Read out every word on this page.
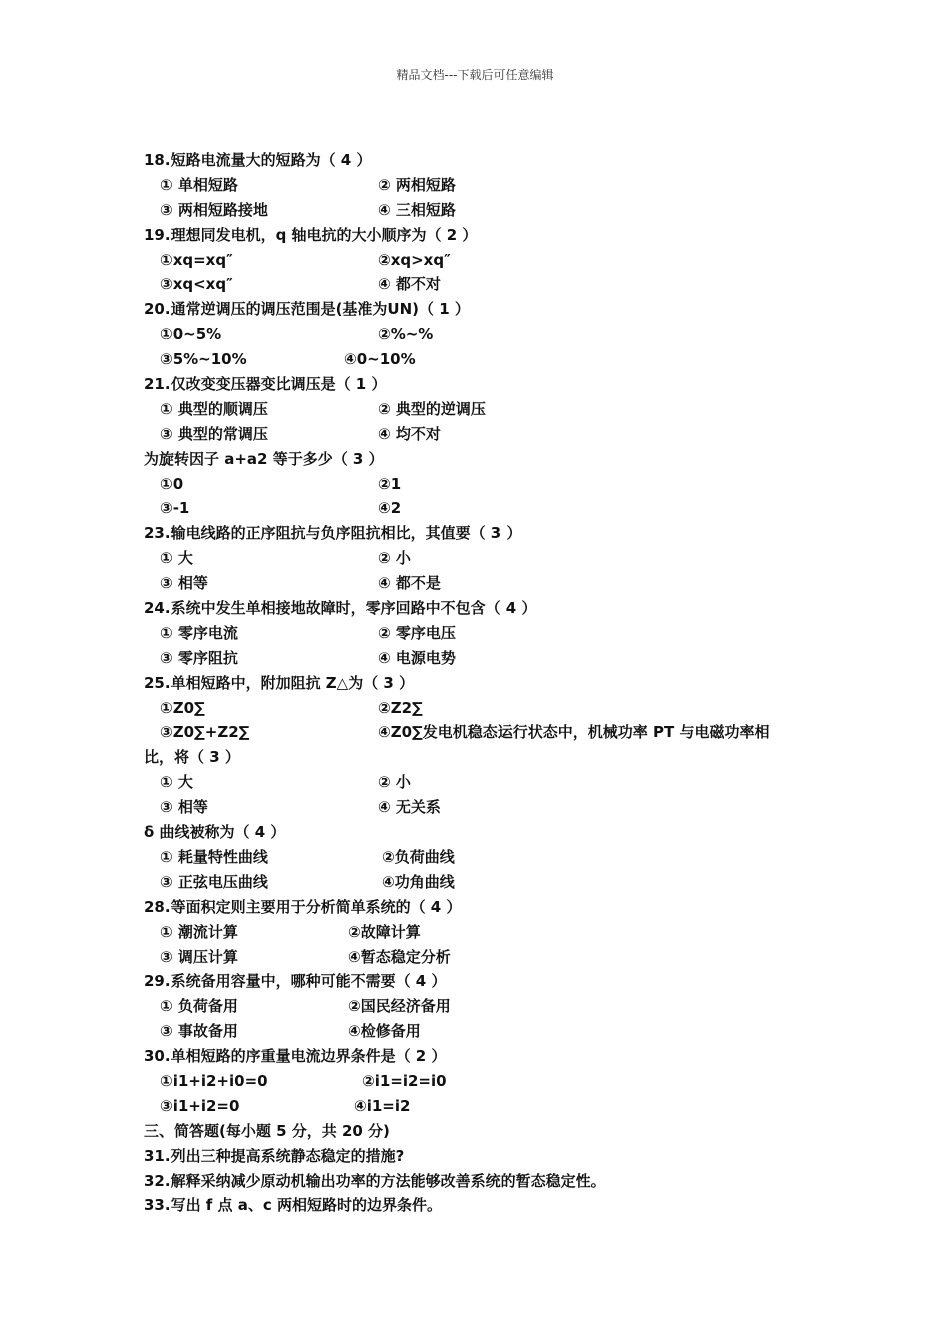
精品文档---下载后可任意编辑
18.短路电流量大的短路为（ 4 ）
① 单相短路	② 两相短路
③ 两相短路接地	④ 三相短路
19.理想同发电机，q 轴电抗的大小顺序为（ 2 ）
①xq=xq″	②xq>xq″
③xq<xq″	④ 都不对
20.通常逆调压的调压范围是(基准为UN)（ 1 ）
①0~5%	②%~%
③5%~10%	④0~10%
21.仅改变变压器变比调压是（ 1 ）
① 典型的顺调压	② 典型的逆调压
③ 典型的常调压	④ 均不对
为旋转因子 a+a2 等于多少（ 3 ）
①0	②1
③-1	④2
23.输电线路的正序阻抗与负序阻抗相比，其值要（ 3 ）
① 大	② 小
③ 相等	④ 都不是
24.系统中发生单相接地故障时，零序回路中不包含（ 4 ）
① 零序电流	② 零序电压
③ 零序阻抗	④ 电源电势
25.单相短路中，附加阻抗 Z△为（ 3 ）
①Z0∑	②Z2∑
③Z0∑+Z2∑	④Z0∑发电机稳态运行状态中，机械功率 PT 与电磁功率相
比，将（ 3 ）
① 大	② 小
③ 相等	④ 无关系
δ 曲线被称为（ 4 ）
① 耗量特性曲线	②负荷曲线
③ 正弦电压曲线	④功角曲线
28.等面积定则主要用于分析简单系统的（ 4 ）
① 潮流计算	②故障计算
③ 调压计算	④暂态稳定分析
29.系统备用容量中，哪种可能不需要（ 4 ）
① 负荷备用	②国民经济备用
③ 事故备用	④检修备用
30.单相短路的序重量电流边界条件是（ 2 ）
①i1+i2+i0=0	②i1=i2=i0
③i1+i2=0	④i1=i2
三、简答题(每小题 5 分，共 20 分)
31.列出三种提高系统静态稳定的措施?
32.解释采纳减少原动机输出功率的方法能够改善系统的暂态稳定性。
33.写出 f 点 a、c 两相短路时的边界条件。
